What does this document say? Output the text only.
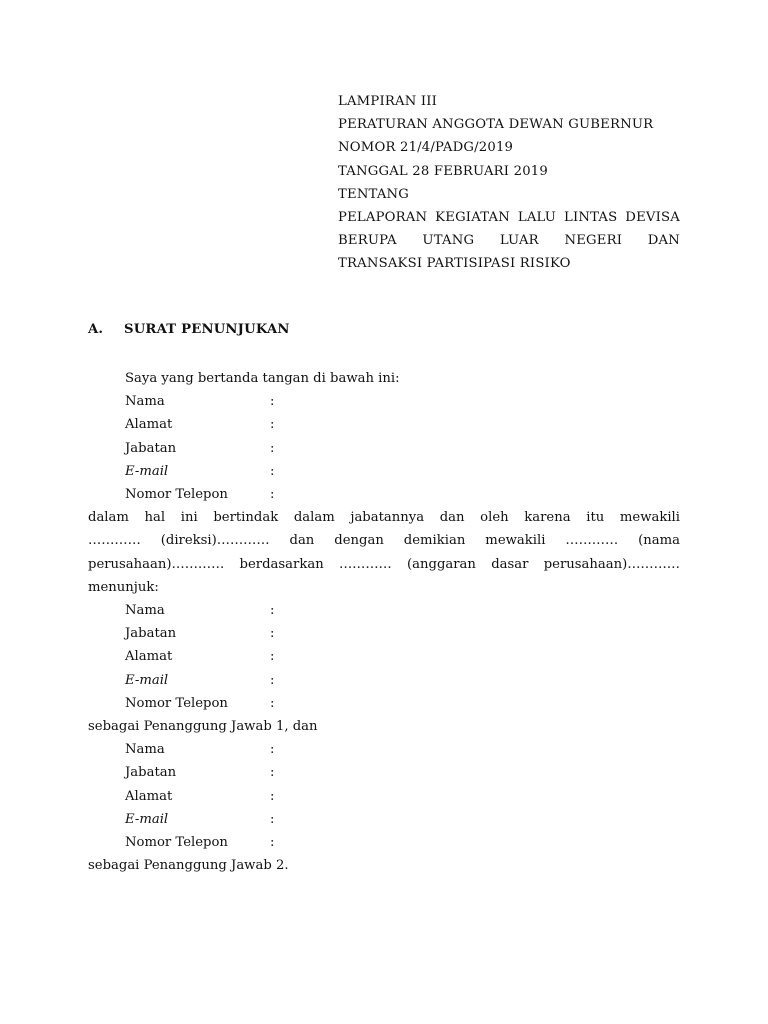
LAMPIRAN III
PERATURAN ANGGOTA DEWAN GUBERNUR
NOMOR 21/4/PADG/2019
TANGGAL 28 FEBRUARI 2019
TENTANG
PELAPORAN KEGIATAN LALU LINTAS DEVISA
BERUPA UTANG LUAR NEGERI DAN
TRANSAKSI PARTISIPASI RISIKO
A. SURAT PENUNJUKAN
Saya yang bertanda tangan di bawah ini:
Nama	:
Alamat	:
Jabatan	:
E-mail	:
Nomor Telepon	:
dalam hal ini bertindak dalam jabatannya dan oleh karena itu mewakili
………… (direksi)………… dan dengan demikian mewakili ………… (nama
perusahaan)………… berdasarkan ………… (anggaran dasar perusahaan)…………
menunjuk:
Nama	:
Jabatan	:
Alamat	:
E-mail	:
Nomor Telepon	:
sebagai Penanggung Jawab 1, dan
Nama	:
Jabatan	:
Alamat	:
E-mail	:
Nomor Telepon	:
sebagai Penanggung Jawab 2.
